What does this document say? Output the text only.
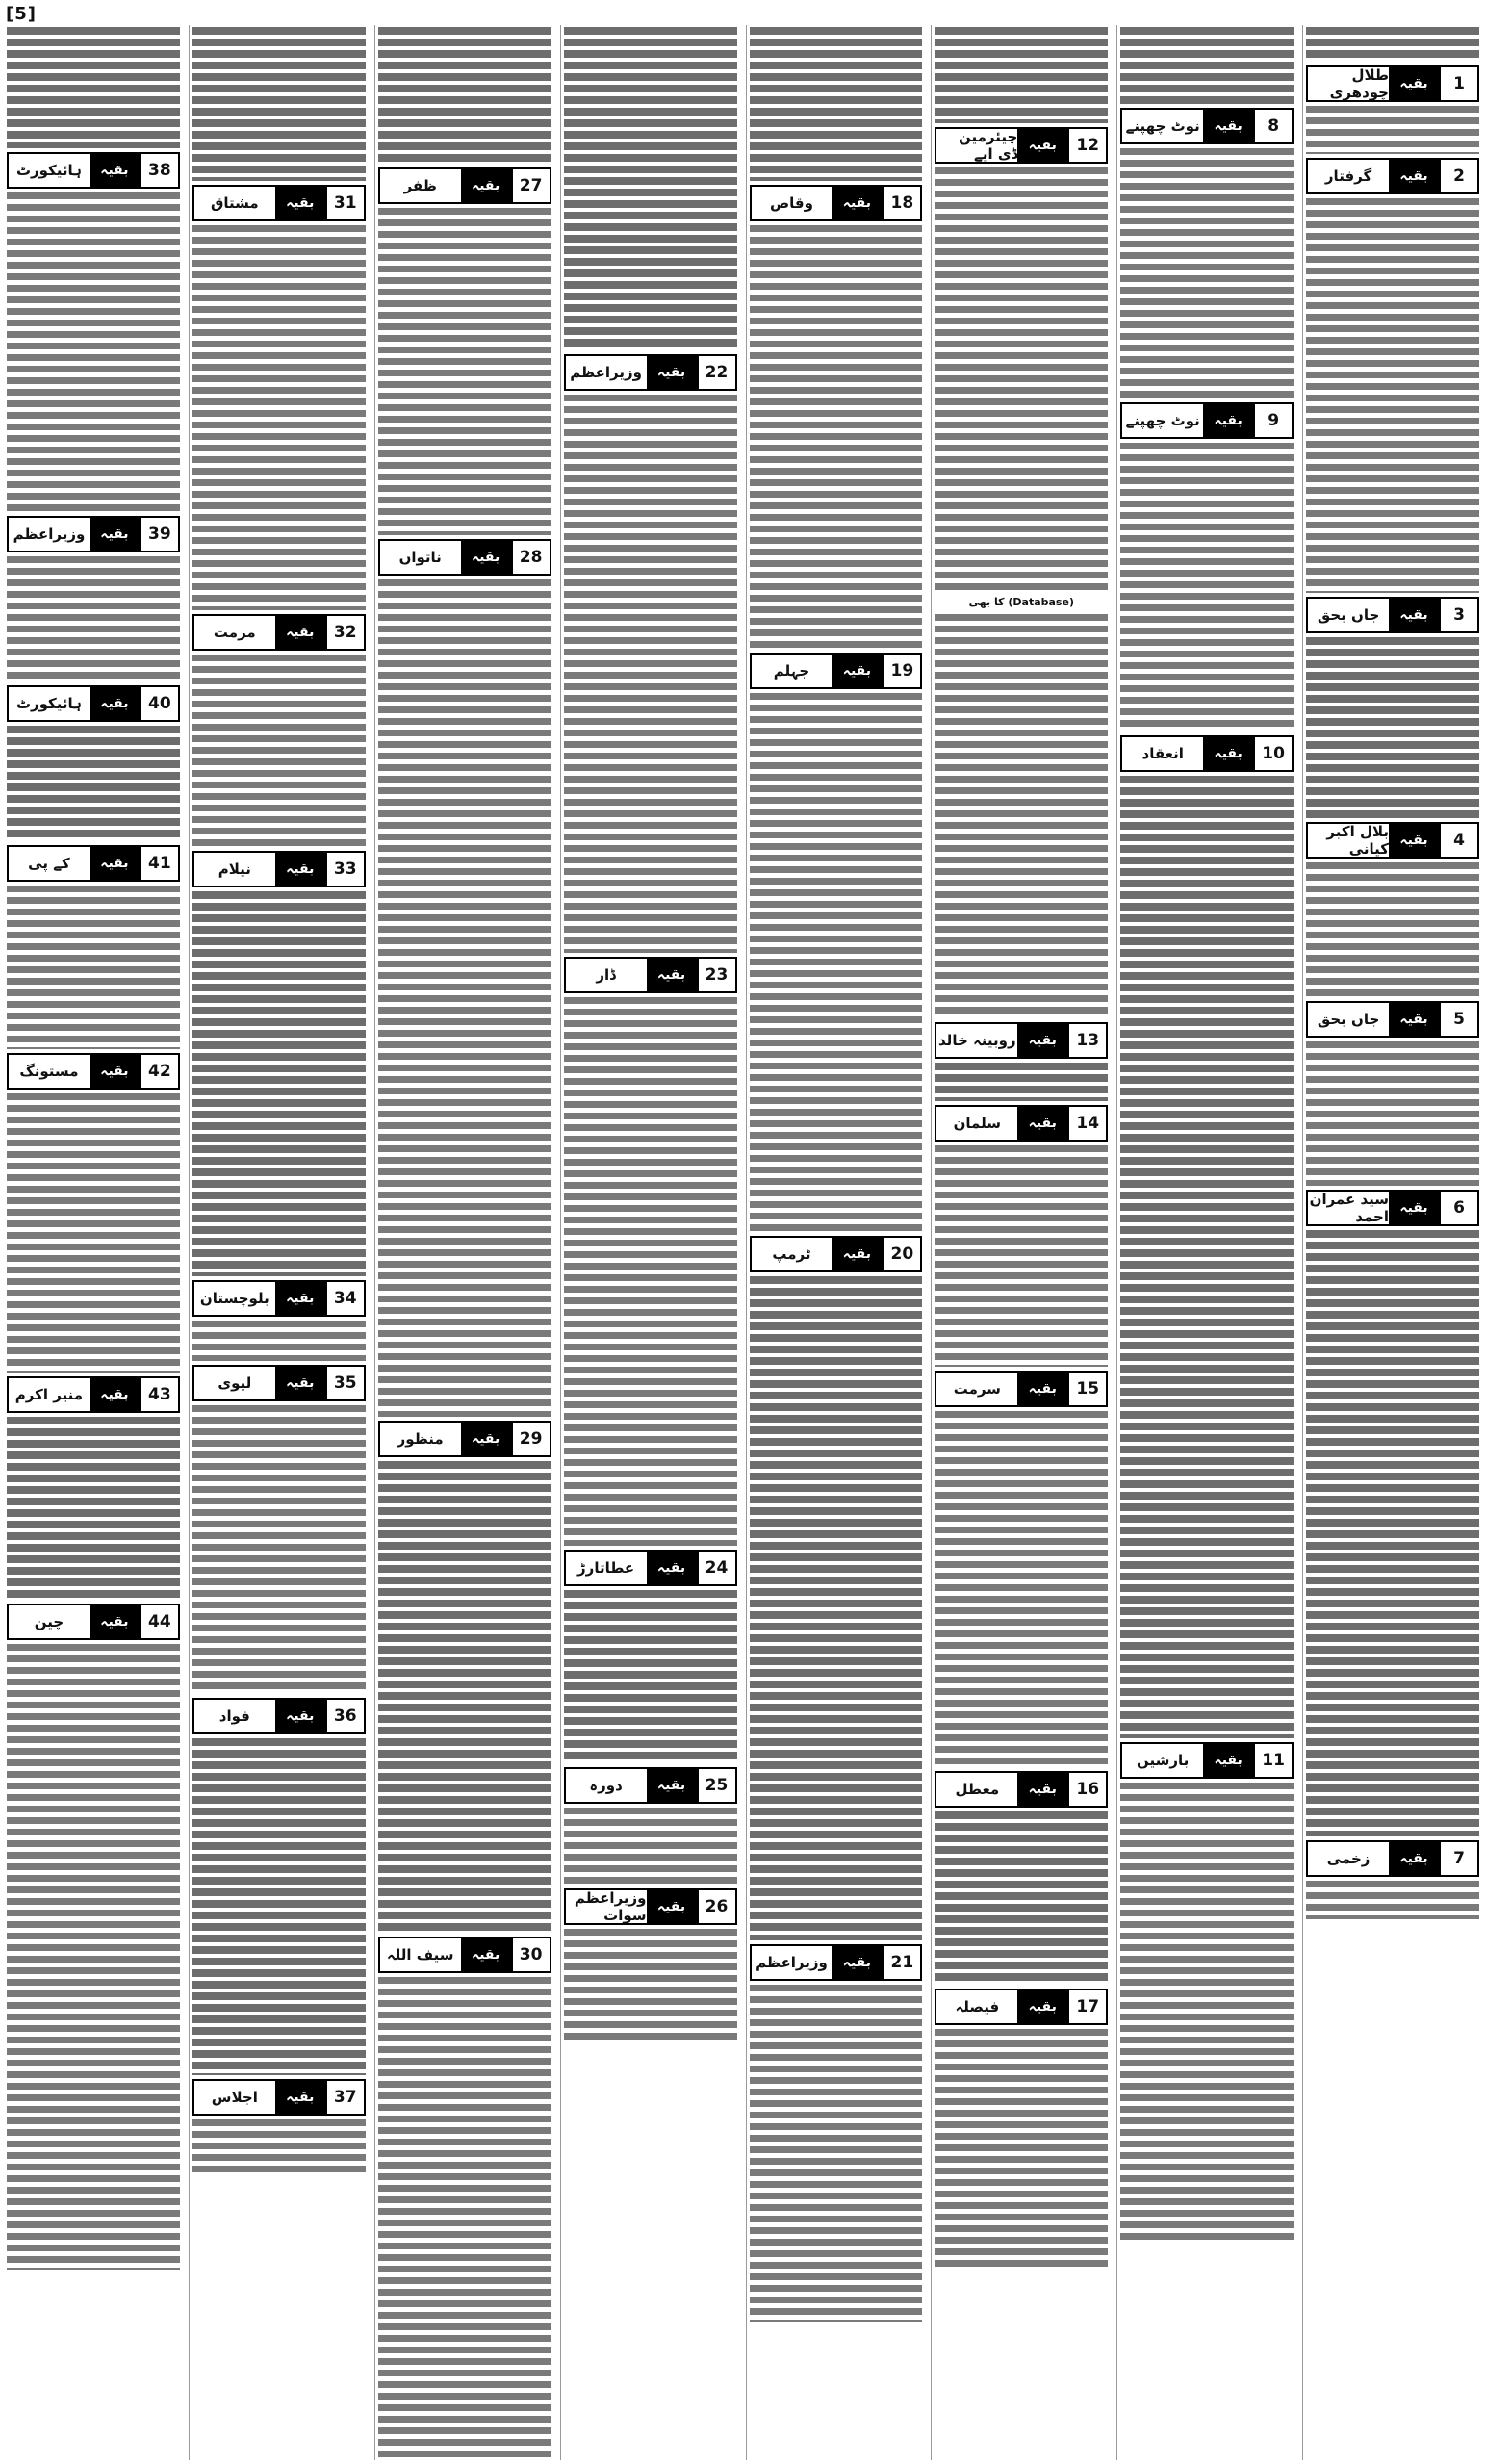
[5]
1
بقیہ
طلال چودھری
2
بقیہ
گرفتار
3
بقیہ
جاں بحق
4
بقیہ
بلال اکبر کیانی
5
بقیہ
جاں بحق
6
بقیہ
سید عمران احمد
7
بقیہ
زخمی
8
بقیہ
نوٹ چھپنے
9
بقیہ
نوٹ چھپنے
10
بقیہ
انعقاد
11
بقیہ
بارشیں
12
بقیہ
چیئرمین ڈی ایے
(Database) کا بھی
13
بقیہ
روبینہ خالد
14
بقیہ
سلمان
15
بقیہ
سرمت
16
بقیہ
معطل
17
بقیہ
فیصلہ
18
بقیہ
وقاص
19
بقیہ
جہلم
20
بقیہ
ٹرمپ
21
بقیہ
وزیراعظم
22
بقیہ
وزیراعظم
23
بقیہ
ڈار
24
بقیہ
عطاتارڑ
25
بقیہ
دورہ
26
بقیہ
وزیراعظم سوات
27
بقیہ
ظفر
28
بقیہ
ناتواں
29
بقیہ
منظور
30
بقیہ
سیف اللہ
31
بقیہ
مشتاق
32
بقیہ
مرمت
33
بقیہ
نیلام
34
بقیہ
بلوچستان
35
بقیہ
لیوی
36
بقیہ
فواد
37
بقیہ
اجلاس
38
بقیہ
ہائیکورٹ
39
بقیہ
وزیراعظم
40
بقیہ
ہائیکورٹ
41
بقیہ
کے پی
42
بقیہ
مستونگ
43
بقیہ
منیر اکرم
44
بقیہ
چین
